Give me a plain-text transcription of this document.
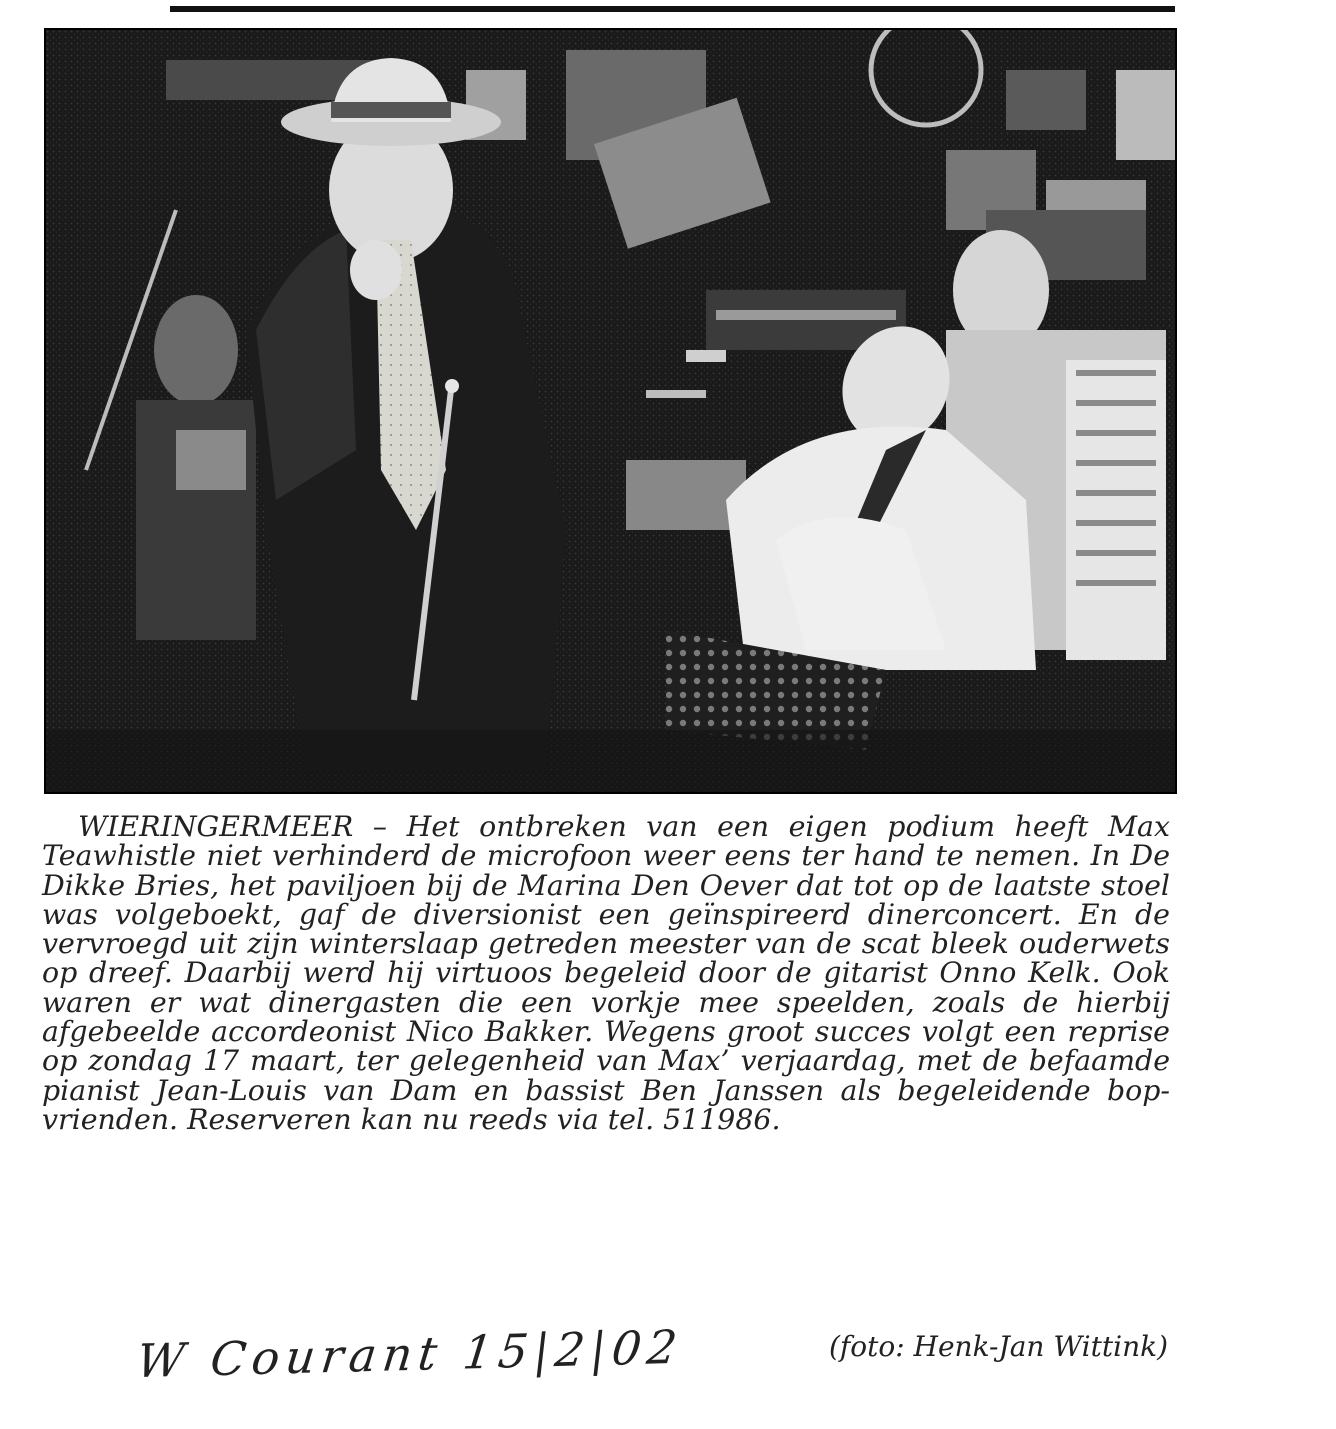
WIERINGERMEER – Het ontbreken van een eigen podium heeft Max Teawhistle niet verhinderd de microfoon weer eens ter hand te nemen. In De Dikke Bries, het paviljoen bij de Marina Den Oever dat tot op de laatste stoel was volgeboekt, gaf de diversionist een geïnspireerd dinerconcert. En de vervroegd uit zijn winterslaap getreden meester van de scat bleek ouderwets op dreef. Daarbij werd hij virtuoos begeleid door de gitarist Onno Kelk. Ook waren er wat dinergasten die een vorkje mee speelden, zoals de hierbij afgebeelde accordeonist Nico Bakker. Wegens groot succes volgt een reprise op zondag 17 maart, ter gelegenheid van Max’ verjaardag, met de befaamde pianist Jean-Louis van Dam en bassist Ben Janssen als begeleidende bop-vrienden. Reserveren kan nu reeds via tel. 511986.

(foto: Henk-Jan Wittink)
W Courant 15|2|02
